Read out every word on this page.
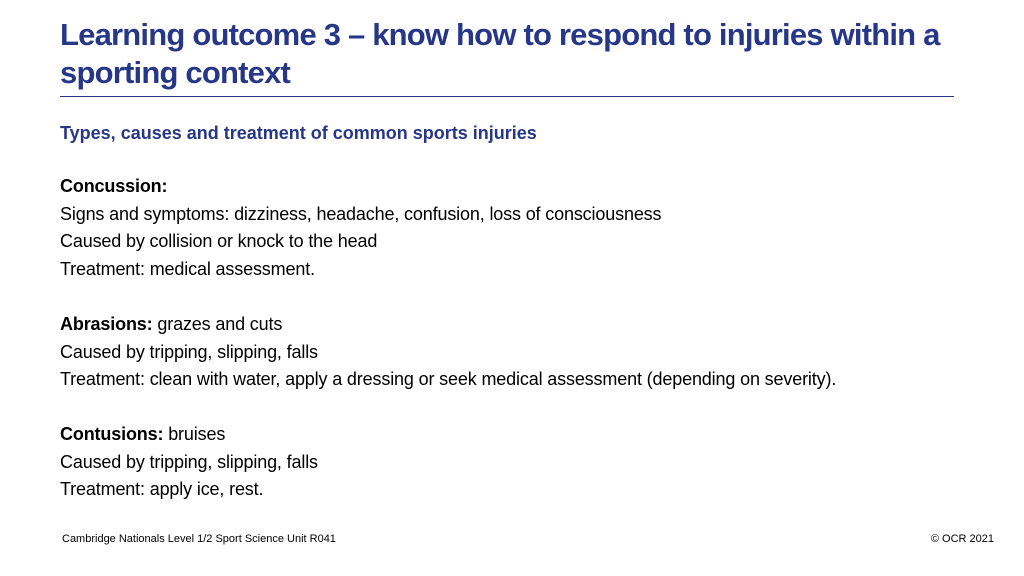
Learning outcome 3 – know how to respond to injuries within a sporting context
Types, causes and treatment of common sports injuries

Concussion:

Signs and symptoms: dizziness, headache, confusion, loss of consciousness

Caused by collision or knock to the head

Treatment: medical assessment.

Abrasions: grazes and cuts

Caused by tripping, slipping, falls

Treatment: clean with water, apply a dressing or seek medical assessment (depending on severity).

Contusions: bruises

Caused by tripping, slipping, falls

Treatment: apply ice, rest.

Cambridge Nationals Level 1/2 Sport Science Unit R041	© OCR 2021
